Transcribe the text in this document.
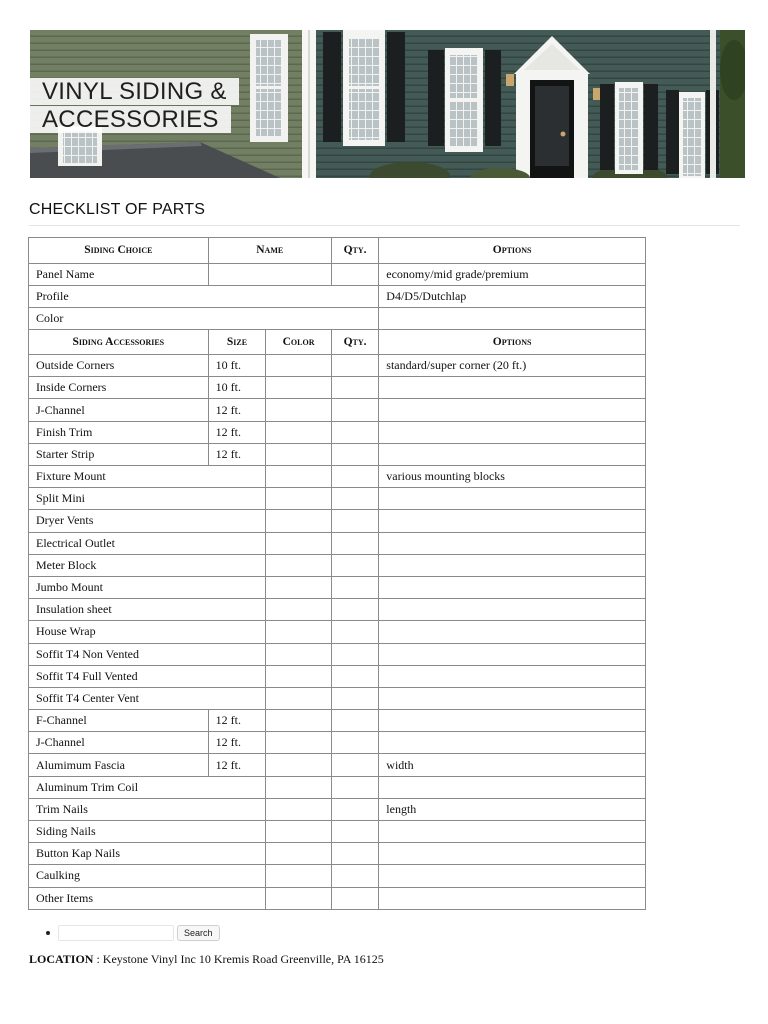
VINYL SIDING &
ACCESSORIES
CHECKLIST OF PARTS
Siding Choice	Name		Qty.	Options
Panel Name				economy/mid grade/premium
Profile				D4/D5/Dutchlap
Color				
Siding Accessories	Size	Color	Qty.	Options
Outside Corners	10 ft.			standard/super corner (20 ft.)
Inside Corners	10 ft.			
J-Channel	12 ft.			
Finish Trim	12 ft.			
Starter Strip	12 ft.			
Fixture Mount				various mounting blocks
Split Mini				
Dryer Vents				
Electrical Outlet				
Meter Block				
Jumbo Mount				
Insulation sheet				
House Wrap				
Soffit T4 Non Vented				
Soffit T4 Full Vented				
Soffit T4 Center Vent				
F-Channel	12 ft.			
J-Channel	12 ft.			
Alumimum Fascia	12 ft.			width
Aluminum Trim Coil				
Trim Nails				length
Siding Nails				
Button Kap Nails				
Caulking				
Other Items				
Search
LOCATION : Keystone Vinyl Inc 10 Kremis Road Greenville, PA 16125
